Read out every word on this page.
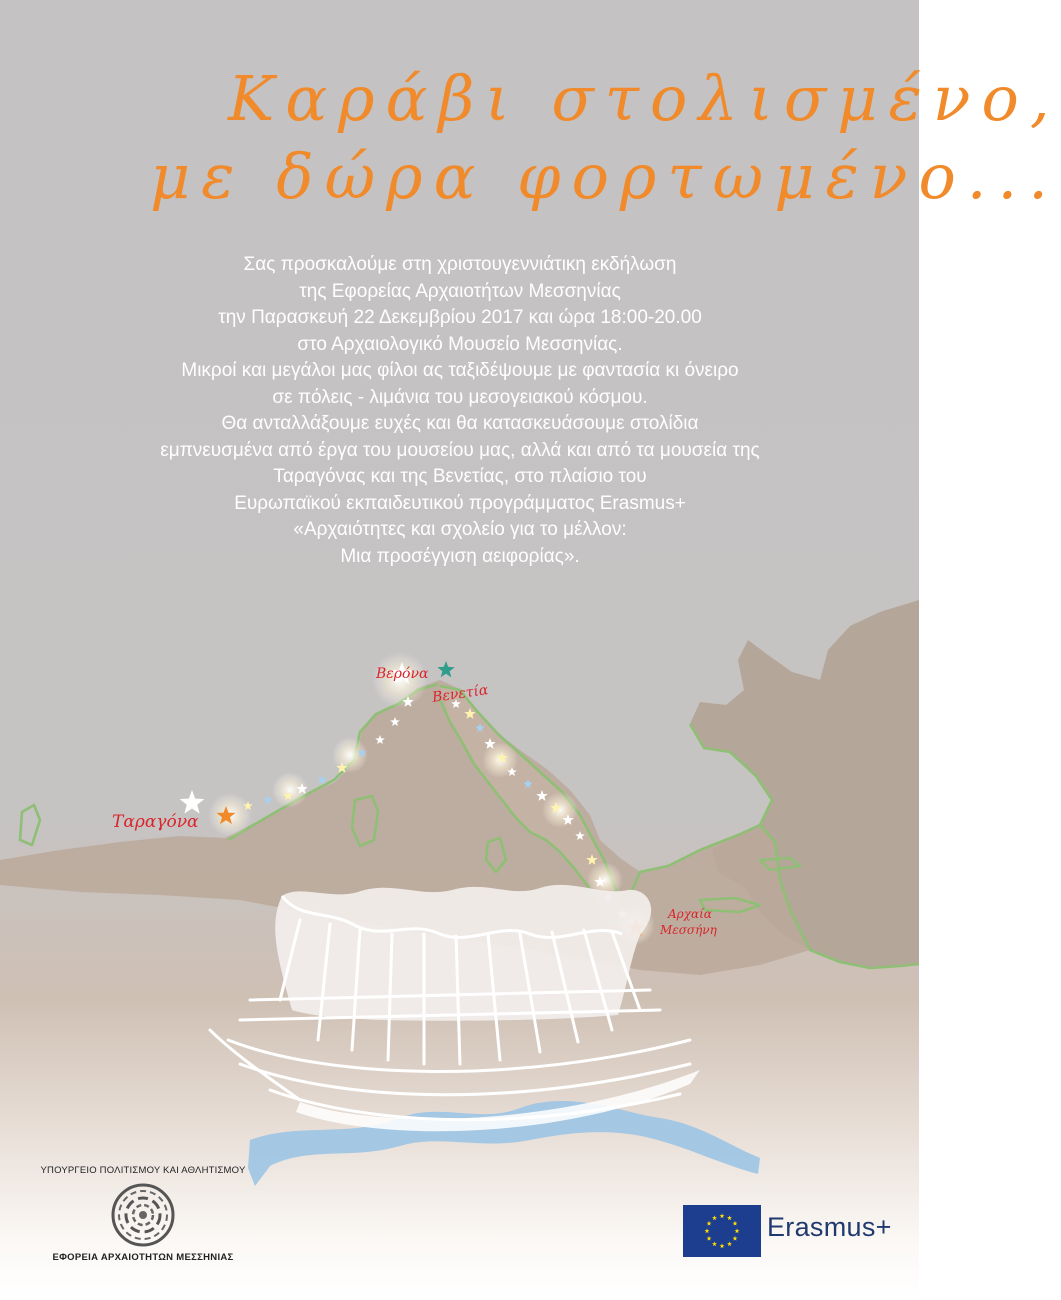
Καράβι στολισμένο,
με δώρα φορτωμένο...
Σας προσκαλούμε στη χριστουγεννιάτικη εκδήλωση
της Εφορείας Αρχαιοτήτων Μεσσηνίας
την Παρασκευή 22 Δεκεμβρίου 2017 και ώρα 18:00-20.00
στο Αρχαιολογικό Μουσείο Μεσσηνίας.
Μικροί και μεγάλοι μας φίλοι ας ταξιδέψουμε με φαντασία κι όνειρο
σε πόλεις - λιμάνια του μεσογειακού κόσμου.
Θα ανταλλάξουμε ευχές και θα κατασκευάσουμε στολίδια
εμπνευσμένα από έργα του μουσείου μας, αλλά και από τα μουσεία της
Ταραγόνας και της Βενετίας, στο πλαίσιο του
Ευρωπαϊκού εκπαιδευτικού προγράμματος Erasmus+
«Αρχαιότητες και σχολείο για το μέλλον:
Μια προσέγγιση αειφορίας».
Ταραγόνα
Βερόνα
Βενετία
Αρχαία
Μεσσήνη
ΥΠΟΥΡΓΕΙΟ ΠΟΛΙΤΙΣΜΟΥ ΚΑΙ ΑΘΛΗΤΙΣΜΟΥ
ΕΦΟΡΕΙΑ ΑΡΧΑΙΟΤΗΤΩΝ ΜΕΣΣΗΝΙΑΣ
Erasmus+
